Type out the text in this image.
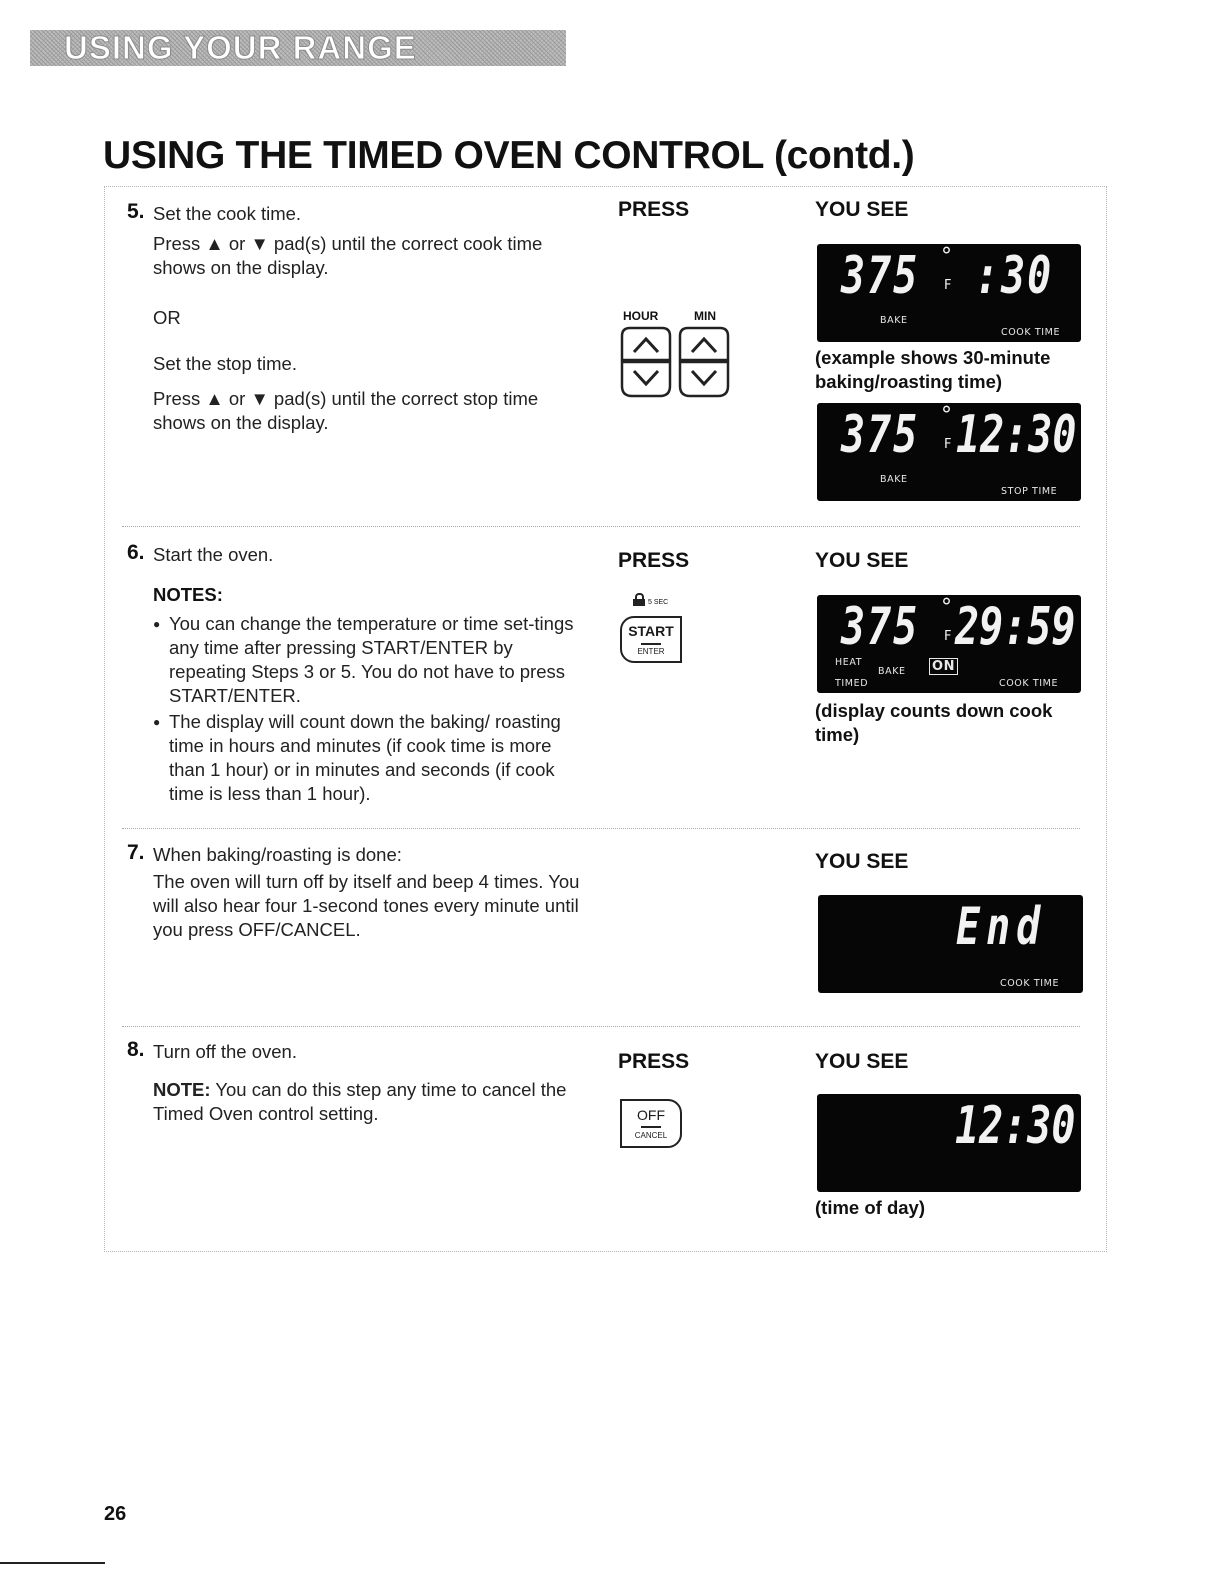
USING YOUR RANGE
USING THE TIMED OVEN CONTROL (contd.)
5. Set the cook time.

Press ▲ or ▼ pad(s) until the correct cook time shows on the display.

OR

Set the stop time.

Press ▲ or ▼ pad(s) until the correct stop time shows on the display.

PRESS	YOU SEE
HOUR	MIN
375 °
F :30
BAKE
COOK TIME
(example shows 30-minute baking/roasting time)
375 °
F 12:30
BAKE
STOP TIME
6. Start the oven.

NOTES:
● You can change the temperature or time set-tings any time after pressing START/ENTER by repeating Steps 3 or 5. You do not have to press START/ENTER.
● The display will count down the baking/ roasting time in hours and minutes (if cook time is more than 1 hour) or in minutes and seconds (if cook time is less than 1 hour).
PRESS	YOU SEE
5 SEC
START
ENTER	375 °
F 29:59
HEAT
TIMED
BAKE ON
COOK TIME
(display counts down cook time)
7. When baking/roasting is done:

The oven will turn off by itself and beep 4 times. You will also hear four 1-second tones every minute until you press OFF/CANCEL.

YOU SEE
End
COOK TIME
8. Turn off the oven.

NOTE: You can do this step any time to cancel the Timed Oven control setting.

PRESS	YOU SEE
OFF
CANCEL	12:30
(time of day)
26
